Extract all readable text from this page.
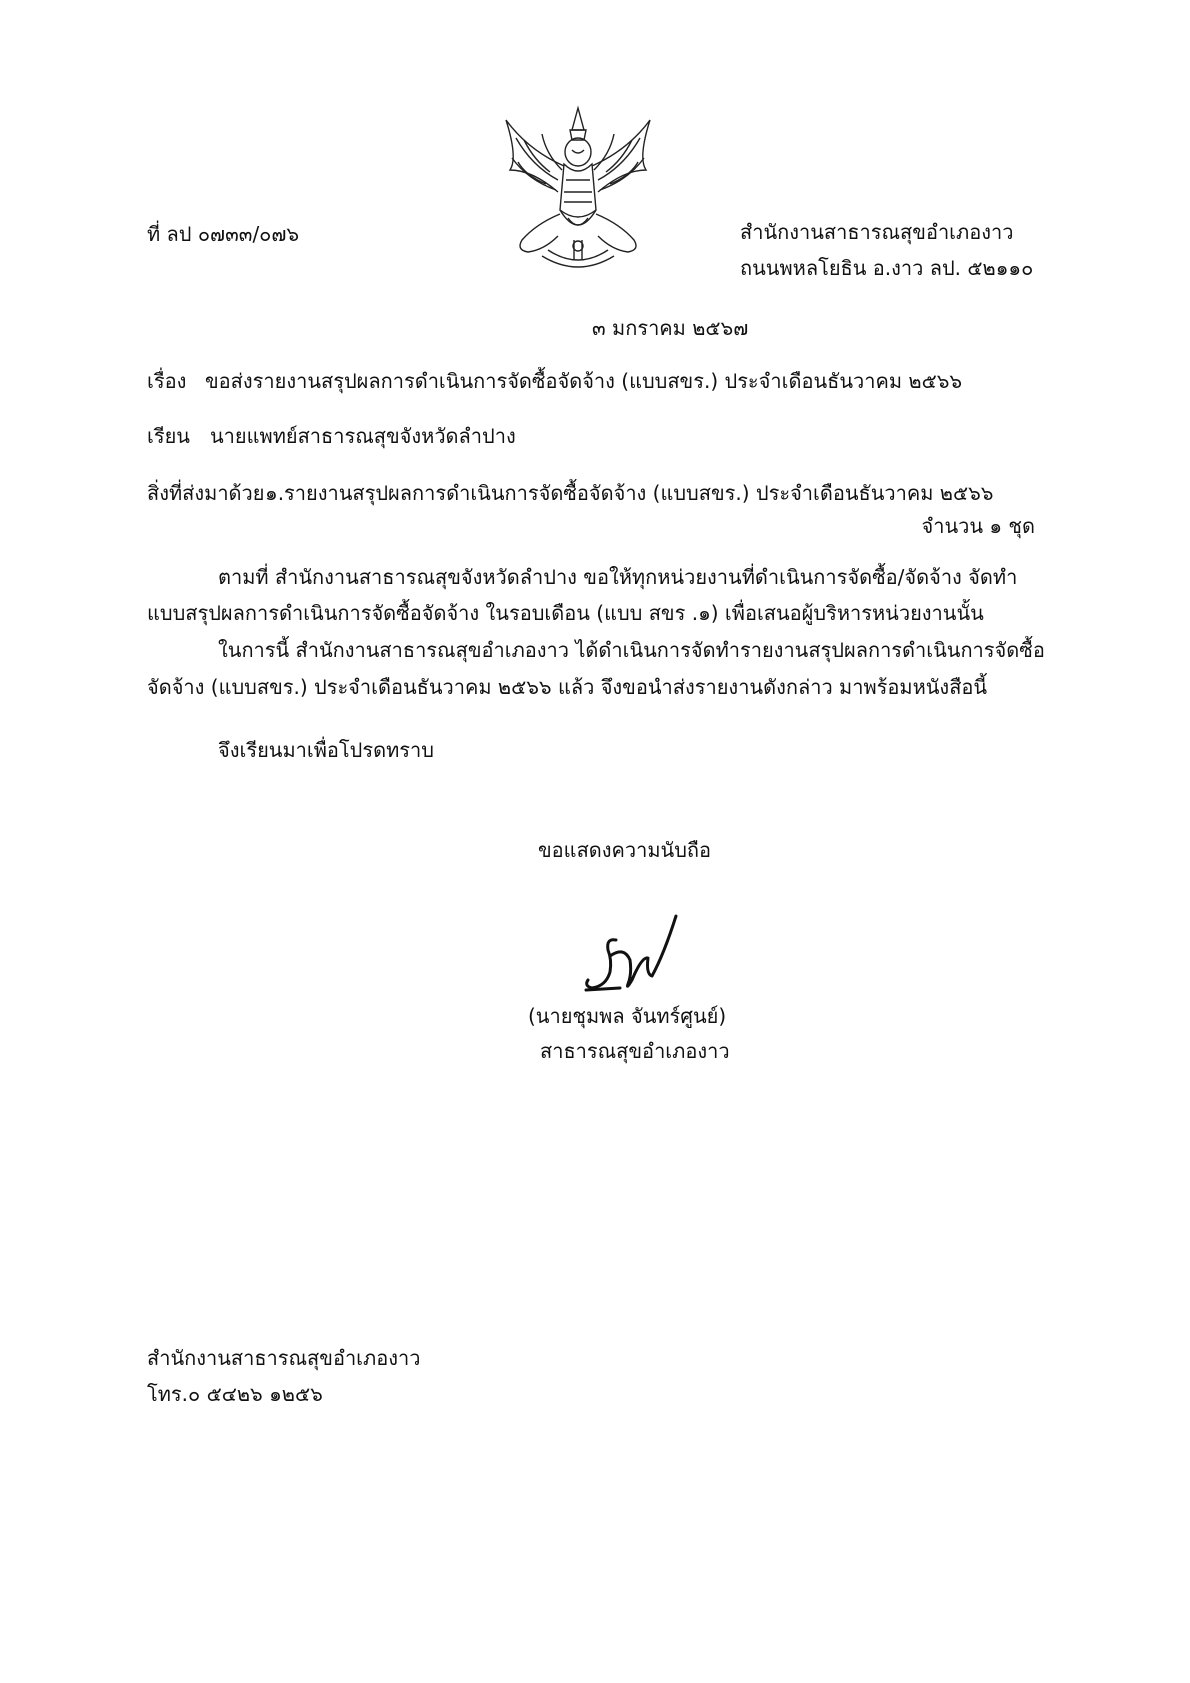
ที่ ลป ๐๗๓๓/๐๗๖	สำนักงานสาธารณสุขอำเภองาว
ถนนพหลโยธิน อ.งาว ลป. ๕๒๑๑๐
๓ มกราคม ๒๕๖๗
เรื่อง ขอส่งรายงานสรุปผลการดำเนินการจัดซื้อจัดจ้าง (แบบสขร.) ประจำเดือนธันวาคม ๒๕๖๖
เรียน นายแพทย์สาธารณสุขจังหวัดลำปาง
สิ่งที่ส่งมาด้วย ๑.รายงานสรุปผลการดำเนินการจัดซื้อจัดจ้าง (แบบสขร.) ประจำเดือนธันวาคม ๒๕๖๖
จำนวน ๑ ชุด
ตามที่ สำนักงานสาธารณสุขจังหวัดลำปาง ขอให้ทุกหน่วยงานที่ดำเนินการจัดซื้อ/จัดจ้าง จัดทำ
แบบสรุปผลการดำเนินการจัดซื้อจัดจ้าง ในรอบเดือน (แบบ สขร .๑) เพื่อเสนอผู้บริหารหน่วยงานนั้น
ในการนี้ สำนักงานสาธารณสุขอำเภองาว ได้ดำเนินการจัดทำรายงานสรุปผลการดำเนินการจัดซื้อ
จัดจ้าง (แบบสขร.) ประจำเดือนธันวาคม ๒๕๖๖ แล้ว จึงขอนำส่งรายงานดังกล่าว มาพร้อมหนังสือนี้
จึงเรียนมาเพื่อโปรดทราบ
ขอแสดงความนับถือ
(นายชุมพล จันทร์ศูนย์)
สาธารณสุขอำเภองาว
สำนักงานสาธารณสุขอำเภองาว
โทร.๐ ๕๔๒๖ ๑๒๕๖
